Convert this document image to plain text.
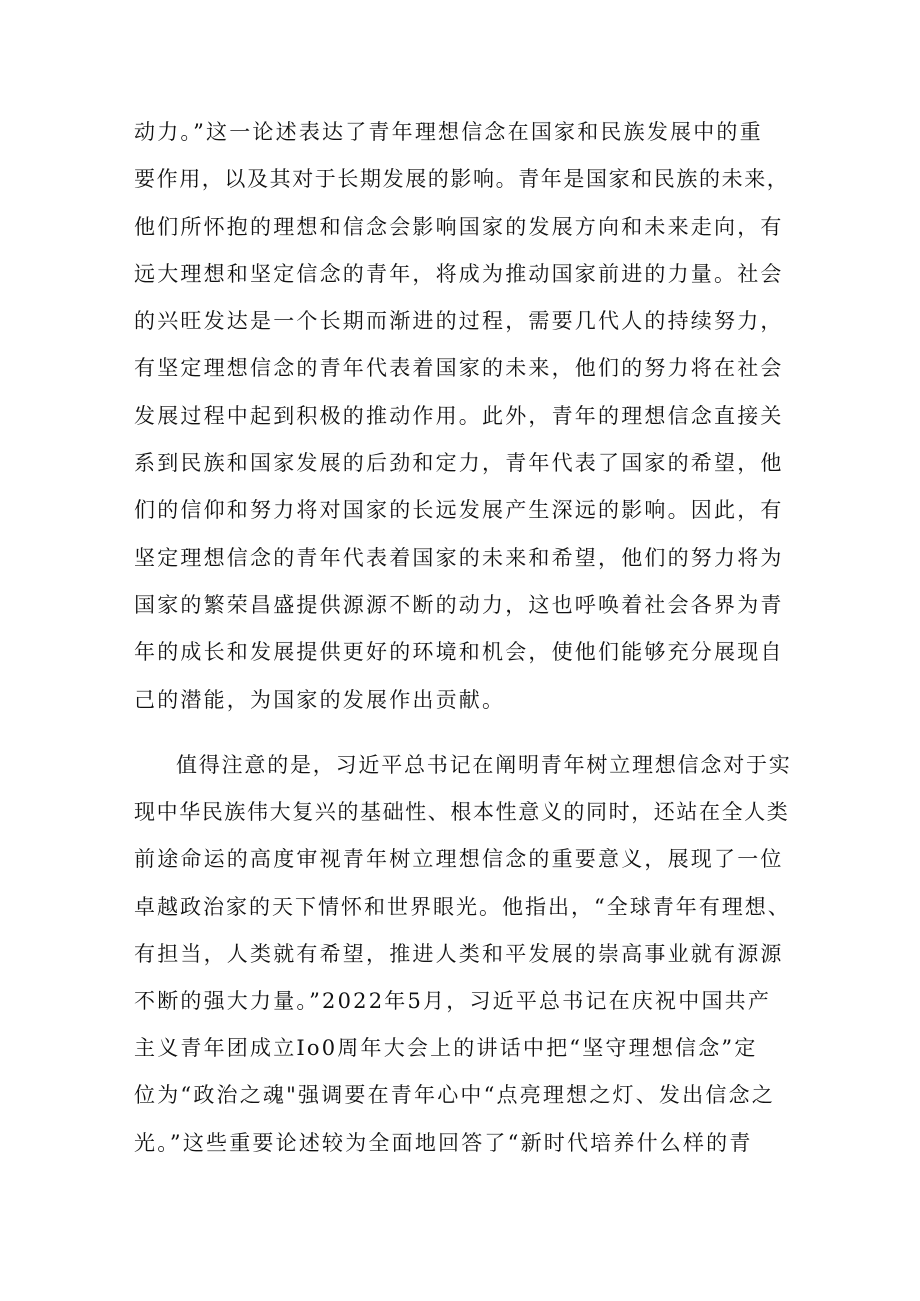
动力。”这一论述表达了青年理想信念在国家和民族发展中的重
要作用，以及其对于长期发展的影响。青年是国家和民族的未来，
他们所怀抱的理想和信念会影响国家的发展方向和未来走向，有
远大理想和坚定信念的青年，将成为推动国家前进的力量。社会
的兴旺发达是一个长期而渐进的过程，需要几代人的持续努力，
有坚定理想信念的青年代表着国家的未来，他们的努力将在社会
发展过程中起到积极的推动作用。此外，青年的理想信念直接关
系到民族和国家发展的后劲和定力，青年代表了国家的希望，他
们的信仰和努力将对国家的长远发展产生深远的影响。因此，有
坚定理想信念的青年代表着国家的未来和希望，他们的努力将为
国家的繁荣昌盛提供源源不断的动力，这也呼唤着社会各界为青
年的成长和发展提供更好的环境和机会，使他们能够充分展现自
己的潜能，为国家的发展作出贡献。
值得注意的是，习近平总书记在阐明青年树立理想信念对于实
现中华民族伟大复兴的基础性、根本性意义的同时，还站在全人类
前途命运的高度审视青年树立理想信念的重要意义，展现了一位
卓越政治家的天下情怀和世界眼光。他指出，“全球青年有理想、
有担当，人类就有希望，推进人类和平发展的崇高事业就有源源
不断的强大力量。”2022年5月，习近平总书记在庆祝中国共产
主义青年团成立Io0周年大会上的讲话中把“坚守理想信念”定
位为“政治之魂"强调要在青年心中“点亮理想之灯、发出信念之
光。”这些重要论述较为全面地回答了“新时代培养什么样的青
